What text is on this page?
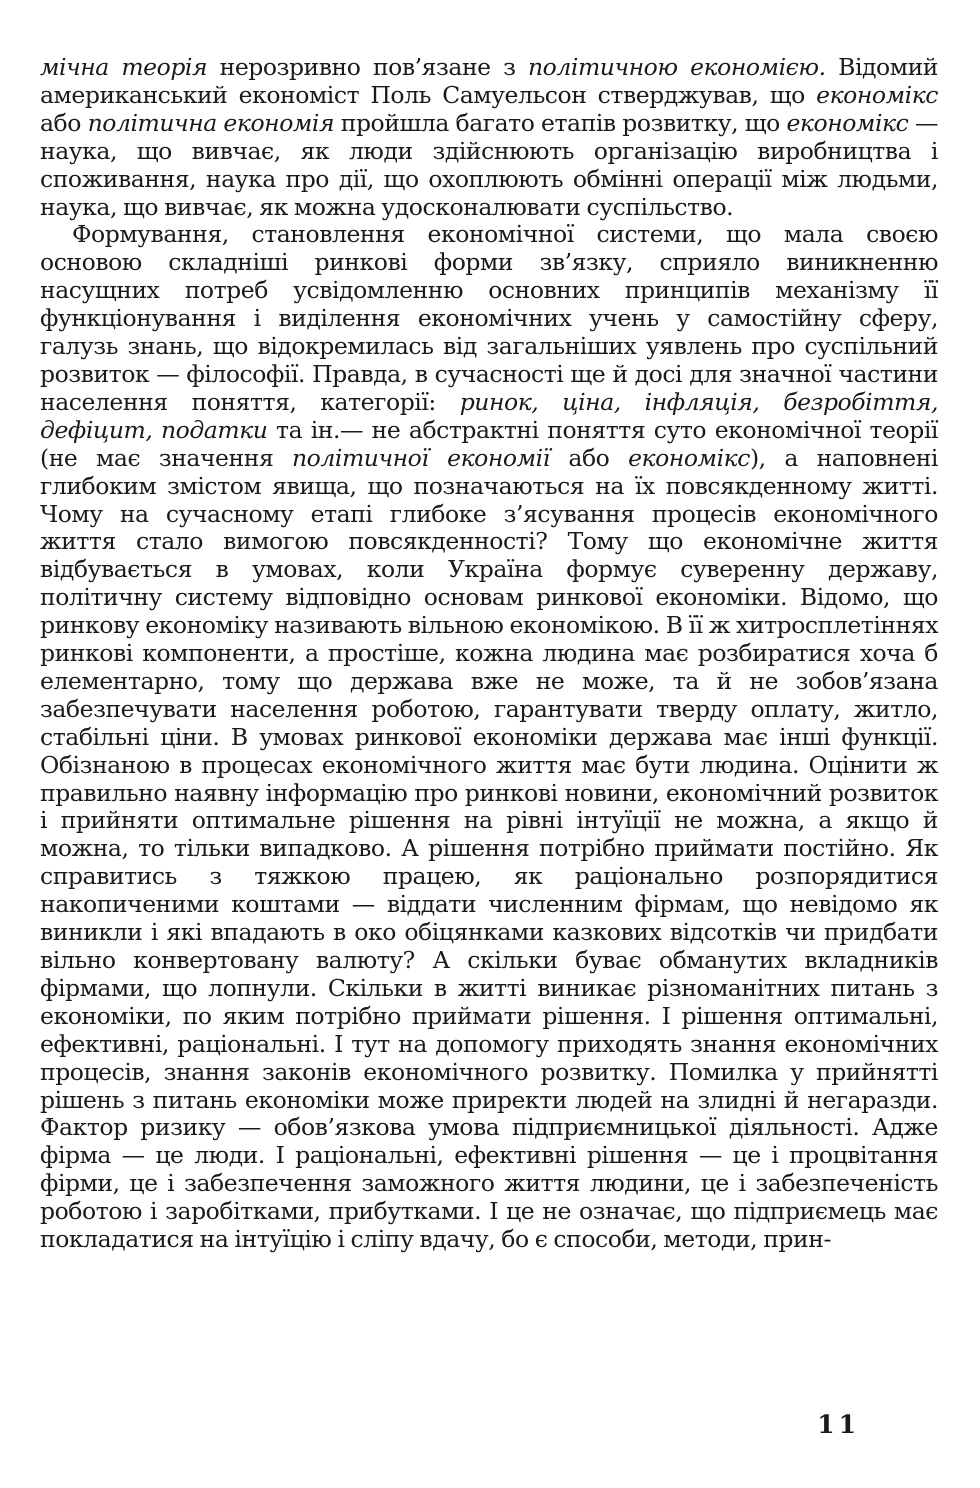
мічна теорія нерозривно пов’язане з політичною економією. Відомий американський економіст Поль Самуельсон стверджував, що економікс або політична економія пройшла багато етапів розвитку, що економікс — наука, що вивчає, як люди здійснюють організацію виробництва і споживання, наука про дії, що охоплюють обмінні операції між людьми, наука, що вивчає, як можна удосконалювати суспільство.

Формування, становлення економічної системи, що мала своєю основою складніші ринкові форми зв’язку, сприяло виникненню насущних потреб усвідомленню основних принципів механізму її функціонування і виділення економічних учень у самостійну сферу, галузь знань, що відокремилась від загальніших уявлень про суспільний розвиток — філософії. Правда, в сучасності ще й досі для значної частини населення поняття, категорії: ринок, ціна, інфляція, безробіття, дефіцит, податки та ін.— не абстрактні поняття суто економічної теорії (не має значення політичної економії або економікс), а наповнені глибоким змістом явища, що позначаються на їх повсякденному житті. Чому на сучасному етапі глибоке з’ясування процесів економічного життя стало вимогою повсякденності? Тому що економічне життя відбувається в умовах, коли Україна формує суверенну державу, політичну систему відповідно основам ринкової економіки. Відомо, що ринкову економіку називають вільною економікою. В її ж хитросплетіннях ринкові компоненти, а простіше, кожна людина має розбиратися хоча б елементарно, тому що держава вже не може, та й не зобов’язана забезпечувати населення роботою, гарантувати тверду оплату, житло, стабільні ціни. В умовах ринкової економіки держава має інші функції. Обізнаною в процесах економічного життя має бути людина. Оцінити ж правильно наявну інформацію про ринкові новини, економічний розвиток і прийняти оптимальне рішення на рівні інтуїції не можна, а якщо й можна, то тільки випадково. А рішення потрібно приймати постійно. Як справитись з тяжкою працею, як раціонально розпорядитися накопиченими коштами — віддати численним фірмам, що невідомо як виникли і які впадають в око обіцянками казкових відсотків чи придбати вільно конвертовану валюту? А скільки буває обманутих вкладників фірмами, що лопнули. Скільки в житті виникає різноманітних питань з економіки, по яким потрібно приймати рішення. І рішення оптимальні, ефективні, раціональні. І тут на допомогу приходять знання економічних процесів, знання законів економічного розвитку. Помилка у прийнятті рішень з питань економіки може приректи людей на злидні й негаразди. Фактор ризику — обов’язкова умова підприємницької діяльності. Адже фірма — це люди. І раціональні, ефективні рішення — це і процвітання фірми, це і забезпечення заможного життя людини, це і забезпеченість роботою і заробітками, прибутками. І це не означає, що підприємець має покладатися на інтуїцію і сліпу вдачу, бо є способи, методи, прин-

11
